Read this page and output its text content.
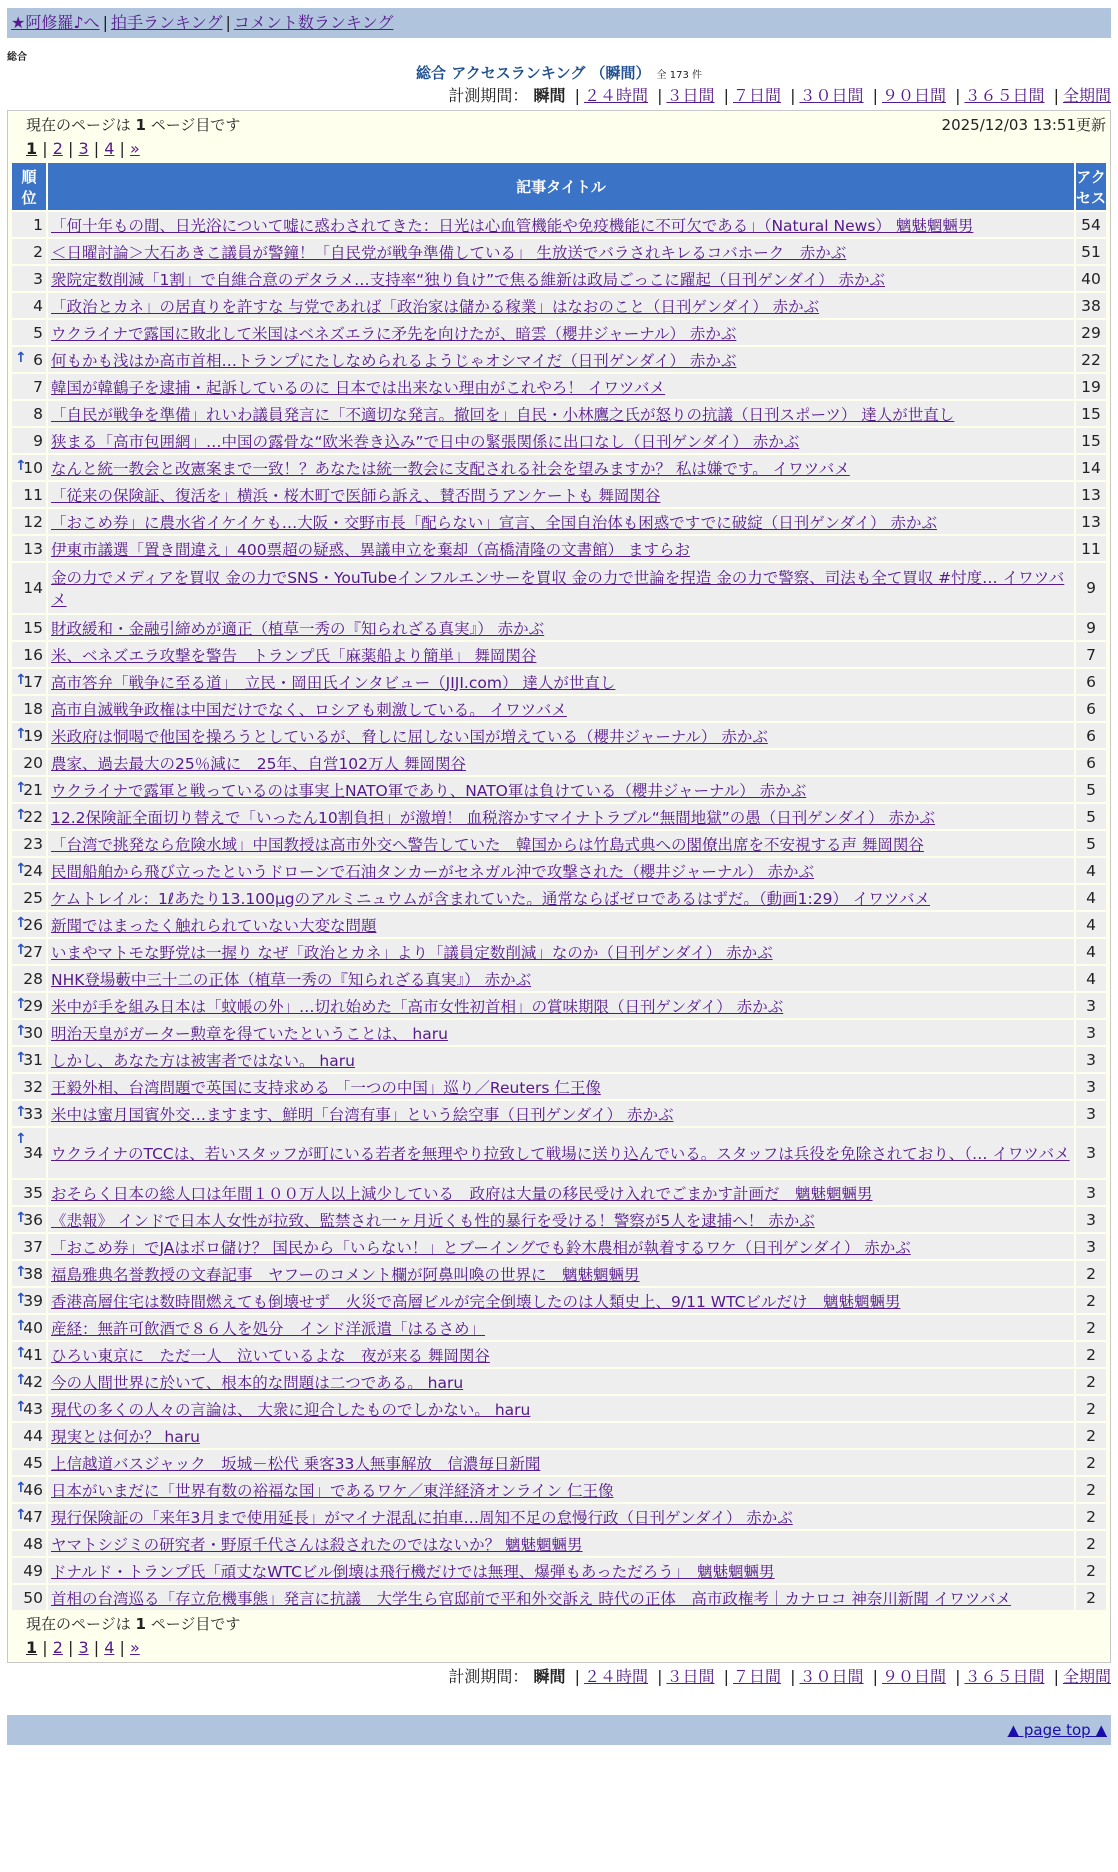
★阿修羅♪へ | 拍手ランキング | コメント数ランキング
総合
総合 アクセスランキング （瞬間） 全 173 件
計測期間： 瞬間 | ２４時間 | ３日間 | ７日間 | ３０日間 | ９０日間 | ３６５日間 | 全期間
現在のページは 1 ページ目です	2025/12/03 13:51更新
1 | 2 | 3 | 4 | »
順
位	記事タイトル	アク
セス
1	「何十年もの間、日光浴について嘘に惑わされてきた：日光は心血管機能や免疫機能に不可欠である」（Natural News） 魑魅魍魎男	54
2	＜日曜討論＞大石あきこ議員が警鐘！「自民党が戦争準備している」 生放送でバラされキレるコバホーク　赤かぶ	51
3	衆院定数削減「1割」で自維合意のデタラメ…支持率“独り負け”で焦る維新は政局ごっこに躍起（日刊ゲンダイ） 赤かぶ	40
4	「政治とカネ」の居直りを許すな 与党であれば「政治家は儲かる稼業」はなおのこと（日刊ゲンダイ） 赤かぶ	38
5	ウクライナで露国に敗北して米国はベネズエラに矛先を向けたが、暗雲（櫻井ジャーナル） 赤かぶ	29

↑ 6	何もかも浅はか高市首相…トランプにたしなめられるようじゃオシマイだ（日刊ゲンダイ） 赤かぶ	22
7	韓国が韓鶴子を逮捕・起訴しているのに 日本では出来ない理由がこれやろ！ イワツバメ	19
8	「自民が戦争を準備」れいわ議員発言に「不適切な発言。撤回を」自民・小林鷹之氏が怒りの抗議（日刊スポーツ） 達人が世直し	15
9	狭まる「高市包囲網」…中国の露骨な“欧米巻き込み”で日中の緊張関係に出口なし（日刊ゲンダイ） 赤かぶ	15

↑
10	なんと統一教会と改憲案まで一致！？あなたは統一教会に支配される社会を望みますか？ 私は嫌です。 イワツバメ	14
11	「従来の保険証、復活を」横浜・桜木町で医師ら訴え、賛否問うアンケートも 舞岡関谷	13
12	「おこめ券」に農水省イケイケも…大阪・交野市長「配らない」宣言、全国自治体も困惑ですでに破綻（日刊ゲンダイ） 赤かぶ	13
13	伊東市議選「置き間違え」400票超の疑惑、異議申立を棄却（高橋清隆の文書館） ますらお	11
14	金の力でメディアを買収 金の力でSNS・YouTubeインフルエンサーを買収 金の力で世論を捏造 金の力で警察、司法も全て買収 #忖度… イワツバメ	9
15	財政緩和・金融引締めが適正（植草一秀の『知られざる真実』） 赤かぶ	9
16	米、ベネズエラ攻撃を警告　トランプ氏「麻薬船より簡単」 舞岡関谷	7

↑
17	高市答弁「戦争に至る道」　立民・岡田氏インタビュー（JIJI.com） 達人が世直し	6
18	高市自滅戦争政権は中国だけでなく、ロシアも刺激している。 イワツバメ	6

↑
19	米政府は恫喝で他国を操ろうとしているが、脅しに屈しない国が増えている（櫻井ジャーナル） 赤かぶ	6
20	農家、過去最大の25％減に　25年、自営102万人 舞岡関谷	6

↑
21	ウクライナで露軍と戦っているのは事実上NATO軍であり、NATO軍は負けている（櫻井ジャーナル） 赤かぶ	5

↑
22	12.2保険証全面切り替えで「いったん10割負担」が激増！ 血税溶かすマイナトラブル“無間地獄”の愚（日刊ゲンダイ） 赤かぶ	5
23	「台湾で挑発なら危険水域」中国教授は高市外交へ警告していた　韓国からは竹島式典への閣僚出席を不安視する声 舞岡関谷	5

↑
24	民間船舶から飛び立ったというドローンで石油タンカーがセネガル沖で攻撃された（櫻井ジャーナル） 赤かぶ	4
25	ケムトレイル：1ℓあたり13.100μgのアルミニュウムが含まれていた。通常ならばゼロであるはずだ。（動画1:29） イワツバメ	4

↑
26	新聞ではまったく触れられていない大変な問題	4

↑
27	いまやマトモな野党は一握り なぜ「政治とカネ」より「議員定数削減」なのか（日刊ゲンダイ） 赤かぶ	4
28	NHK登場藪中三十二の正体（植草一秀の『知られざる真実』） 赤かぶ	4

↑
29	米中が手を組み日本は「蚊帳の外」…切れ始めた「高市女性初首相」の賞味期限（日刊ゲンダイ） 赤かぶ	3

↑
30	明治天皇がガーター勲章を得ていたということは、 haru	3

↑
31	しかし、あなた方は被害者ではない。 haru	3
32	王毅外相、台湾問題で英国に支持求める 「一つの中国」巡り／Reuters 仁王像	3

↑
33	米中は蜜月国賓外交…ますます、鮮明「台湾有事」という絵空事（日刊ゲンダイ） 赤かぶ	3

↑
34	ウクライナのTCCは、若いスタッフが町にいる若者を無理やり拉致して戦場に送り込んでいる。スタッフは兵役を免除されており、（… イワツバメ	3
35	おそらく日本の総人口は年間１００万人以上減少している　政府は大量の移民受け入れでごまかす計画だ　魑魅魍魎男	3

↑
36	《悲報》 インドで日本人女性が拉致、監禁され一ヶ月近くも性的暴行を受ける！警察が5人を逮捕へ！ 赤かぶ	3
37	「おこめ券」でJAはボロ儲け？ 国民から「いらない！」とブーイングでも鈴木農相が執着するワケ（日刊ゲンダイ） 赤かぶ	3

↑
38	福島雅典名誉教授の文春記事　ヤフーのコメント欄が阿鼻叫喚の世界に　魑魅魍魎男	2

↑
39	香港高層住宅は数時間燃えても倒壊せず　火災で高層ビルが完全倒壊したのは人類史上、9/11 WTCビルだけ　魑魅魍魎男	2

↑
40	産経：無許可飲酒で８６人を処分　インド洋派遣「はるさめ」	2

↑
41	ひろい東京に　ただ一人　泣いているよな　夜が来る 舞岡関谷	2

↑
42	今の人間世界に於いて、根本的な問題は二つである。 haru	2

↑
43	現代の多くの人々の言論は、 大衆に迎合したものでしかない。 haru	2
44	現実とは何か？ haru	2
45	上信越道バスジャック　坂城－松代 乗客33人無事解放　信濃毎日新聞	2

↑
46	日本がいまだに「世界有数の裕福な国」であるワケ／東洋経済オンライン 仁王像	2

↑
47	現行保険証の「来年3月まで使用延長」がマイナ混乱に拍車…周知不足の怠慢行政（日刊ゲンダイ） 赤かぶ	2
48	ヤマトシジミの研究者・野原千代さんは殺されたのではないか？ 魑魅魍魎男	2
49	ドナルド・トランプ氏「頑丈なWTCビル倒壊は飛行機だけでは無理、爆弾もあっただろう」　魑魅魍魎男	2
50	首相の台湾巡る「存立危機事態」発言に抗議　大学生ら官邸前で平和外交訴え 時代の正体　高市政権考｜カナロコ 神奈川新聞 イワツバメ	2
現在のページは 1 ページ目です
1 | 2 | 3 | 4 | »
計測期間： 瞬間 | ２４時間 | ３日間 | ７日間 | ３０日間 | ９０日間 | ３６５日間 | 全期間
▲ page top ▲
